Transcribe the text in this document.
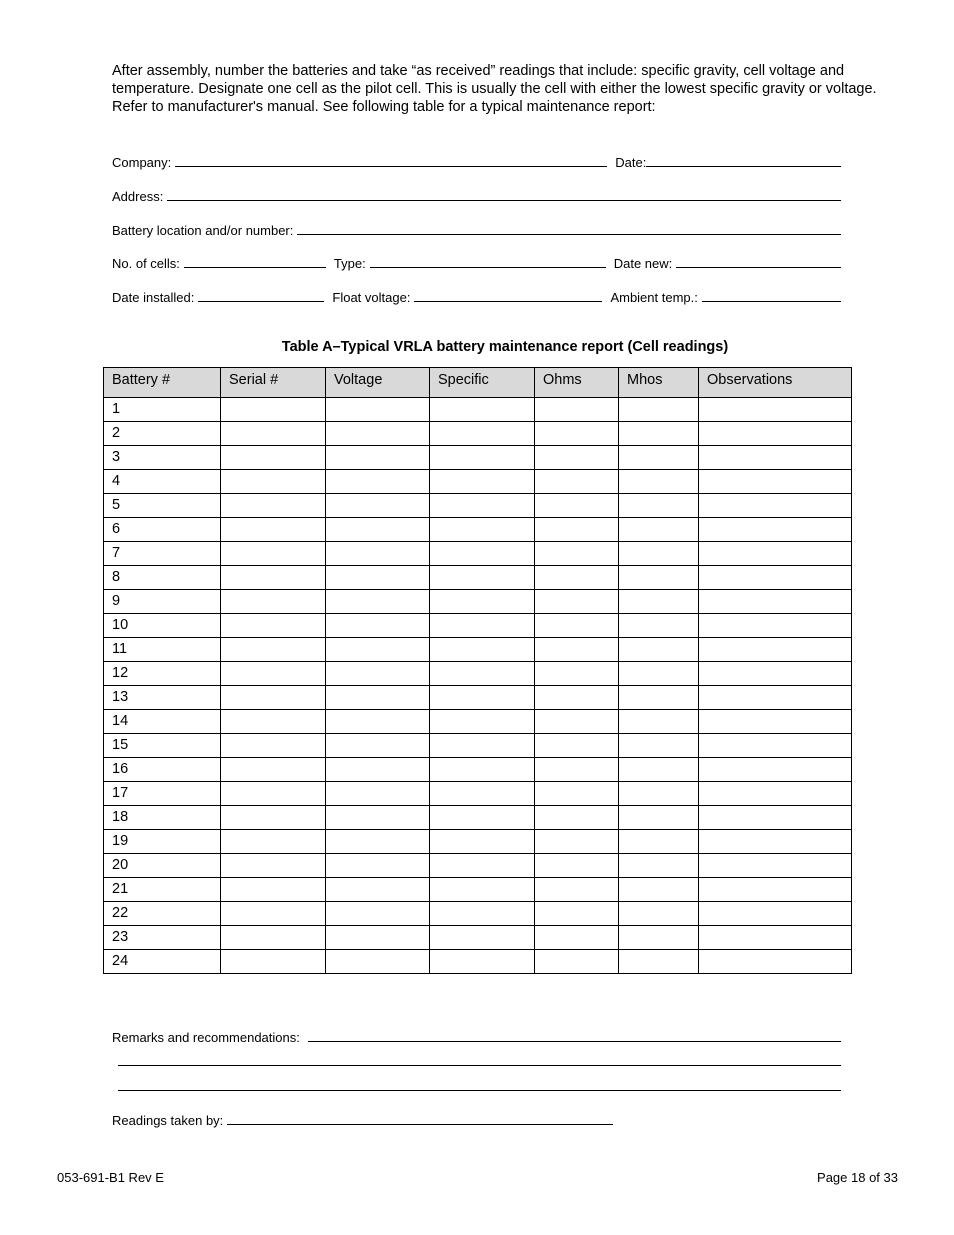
After assembly, number the batteries and take “as received” readings that include: specific gravity, cell voltage and temperature. Designate one cell as the pilot cell. This is usually the cell with either the lowest specific gravity or voltage. Refer to manufacturer's manual. See following table for a typical maintenance report:

Company:	Date:
Address:
Battery location and/or number:
No. of cells:	Type:	Date new:
Date installed:	Float voltage:	Ambient temp.:
Table A–Typical VRLA battery maintenance report (Cell readings)
Battery #	Serial #	Voltage	Specific	Ohms	Mhos	Observations
1						
2						
3						
4						
5						
6						
7						
8						
9						
10						
11						
12						
13						
14						
15						
16						
17						
18						
19						
20						
21						
22						
23						
24						
Remarks and recommendations:
Readings taken by:
053-691-B1 Rev E	Page 18 of 33
